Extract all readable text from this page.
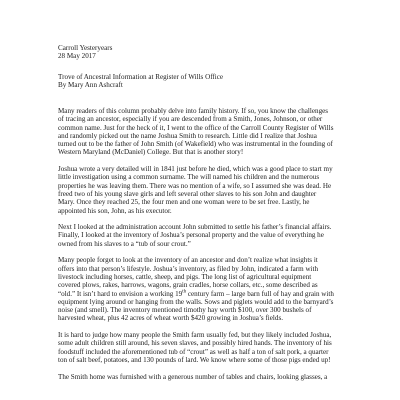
Carroll Yesteryears
28 May 2017
Trove of Ancestral Information at Register of Wills Office
By Mary Ann Ashcraft
Many readers of this column probably delve into family history. If so, you know the challenges
of tracing an ancestor, especially if you are descended from a Smith, Jones, Johnson, or other
common name. Just for the heck of it, I went to the office of the Carroll County Register of Wills
and randomly picked out the name Joshua Smith to research. Little did I realize that Joshua
turned out to be the father of John Smith (of Wakefield) who was instrumental in the founding of
Western Maryland (McDaniel) College. But that is another story!
Joshua wrote a very detailed will in 1841 just before he died, which was a good place to start my
little investigation using a common surname. The will named his children and the numerous
properties he was leaving them. There was no mention of a wife, so I assumed she was dead. He
freed two of his young slave girls and left several other slaves to his son John and daughter
Mary. Once they reached 25, the four men and one woman were to be set free. Lastly, he
appointed his son, John, as his executor.
Next I looked at the administration account John submitted to settle his father’s financial affairs.
Finally, I looked at the inventory of Joshua’s personal property and the value of everything he
owned from his slaves to a “tub of sour crout.”
Many people forget to look at the inventory of an ancestor and don’t realize what insights it
offers into that person’s lifestyle. Joshua’s inventory, as filed by John, indicated a farm with
livestock including horses, cattle, sheep, and pigs. The long list of agricultural equipment
covered plows, rakes, harrows, wagons, grain cradles, horse collars, etc., some described as
“old.” It isn’t hard to envision a working 19th century farm – large barn full of hay and grain with
equipment lying around or hanging from the walls. Sows and piglets would add to the barnyard’s
noise (and smell). The inventory mentioned timothy hay worth $100, over 300 bushels of
harvested wheat, plus 42 acres of wheat worth $420 growing in Joshua’s fields.
It is hard to judge how many people the Smith farm usually fed, but they likely included Joshua,
some adult children still around, his seven slaves, and possibly hired hands. The inventory of his
foodstuff included the aforementioned tub of “crout” as well as half a ton of salt pork, a quarter
ton of salt beef, potatoes, and 130 pounds of lard. We know where some of those pigs ended up!
The Smith home was furnished with a generous number of tables and chairs, looking glasses, a
